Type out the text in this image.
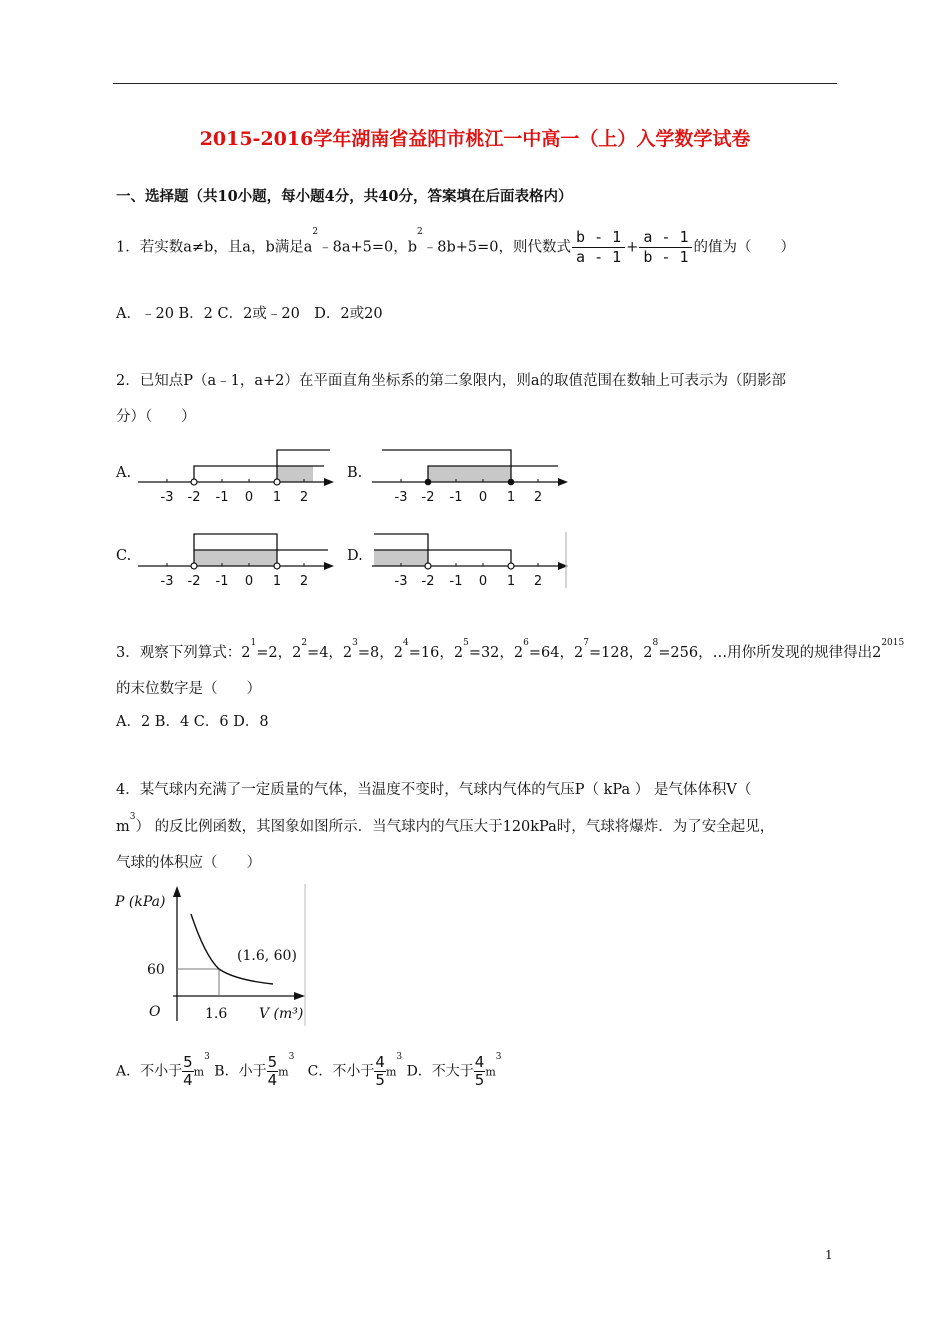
2015-2016学年湖南省益阳市桃江一中高一（上）入学数学试卷
一、选择题（共10小题，每小题4分，共40分，答案填在后面表格内）
1．若实数a≠b，且a，b满足$a^2﹣8a+5=0$，$b^2﹣8b+5=0$，则代数式 $\frac{b - 1}{a - 1} + \frac{a - 1}{b - 1}$ 的值为（　　）
A．﹣20 B．2 C．2或﹣20　D．2或20
2．已知点P（a﹣1，a+2）在平面直角坐标系的第二象限内，则a的取值范围在数轴上可表示为（阴影部
分）（　　）
A.	B.
C.	D.
-3 -2 -1 0 1 2	-3 -2 -1 0 1 2
-3 -2 -1 0 1 2	-3 -2 -1 0 1 2
3．观察下列算式：$2^1=2$，$2^2=4$，$2^3=8$，$2^4=16$，$2^5=32$，$2^6=64$，$2^7=128$，$2^8=256$，…用你所发现的规律得出$2^{2015}$
的末位数字是（　　）
A．2 B．4 C．6 D．8
4．某气球内充满了一定质量的气体，当温度不变时，气球内气体的气压P（ kPa ） 是气体体积V（
$m^3$） 的反比例函数，其图象如图所示．当气球内的气压大于120kPa时，气球将爆炸．为了安全起见，
气球的体积应（　　）
P (kPa)
(1.6, 60)
60
O	1.6 V (m³)
A．不小于 $\frac{5}{4} m^3$ B．小于 $\frac{5}{4} m^3$   C．不小于 $\frac{4}{5} m^3$ D．不大于 $\frac{4}{5} m^3$
1
